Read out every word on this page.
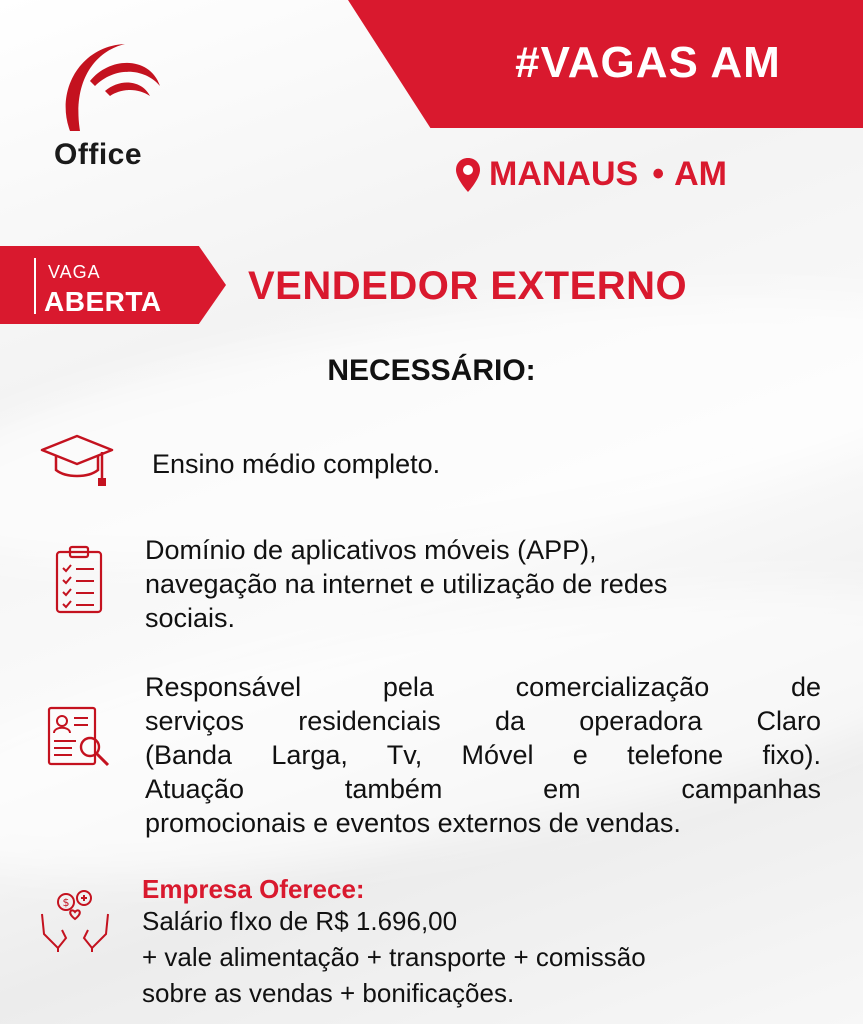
#VAGAS AM
Office
MANAUS • AM
VAGA
ABERTA VENDEDOR EXTERNO
NECESSÁRIO:
Ensino médio completo.
Domínio de aplicativos móveis (APP),
navegação na internet e utilização de redes
sociais.
Responsável pela comercialização de
serviços residenciais da operadora Claro
(Banda Larga, Tv, Móvel e telefone fixo).
Atuação também em campanhas
promocionais e eventos externos de vendas.
$	Empresa Oferece:
Salário fIxo de R$ 1.696,00
+ vale alimentação + transporte + comissão
sobre as vendas + bonificações.
